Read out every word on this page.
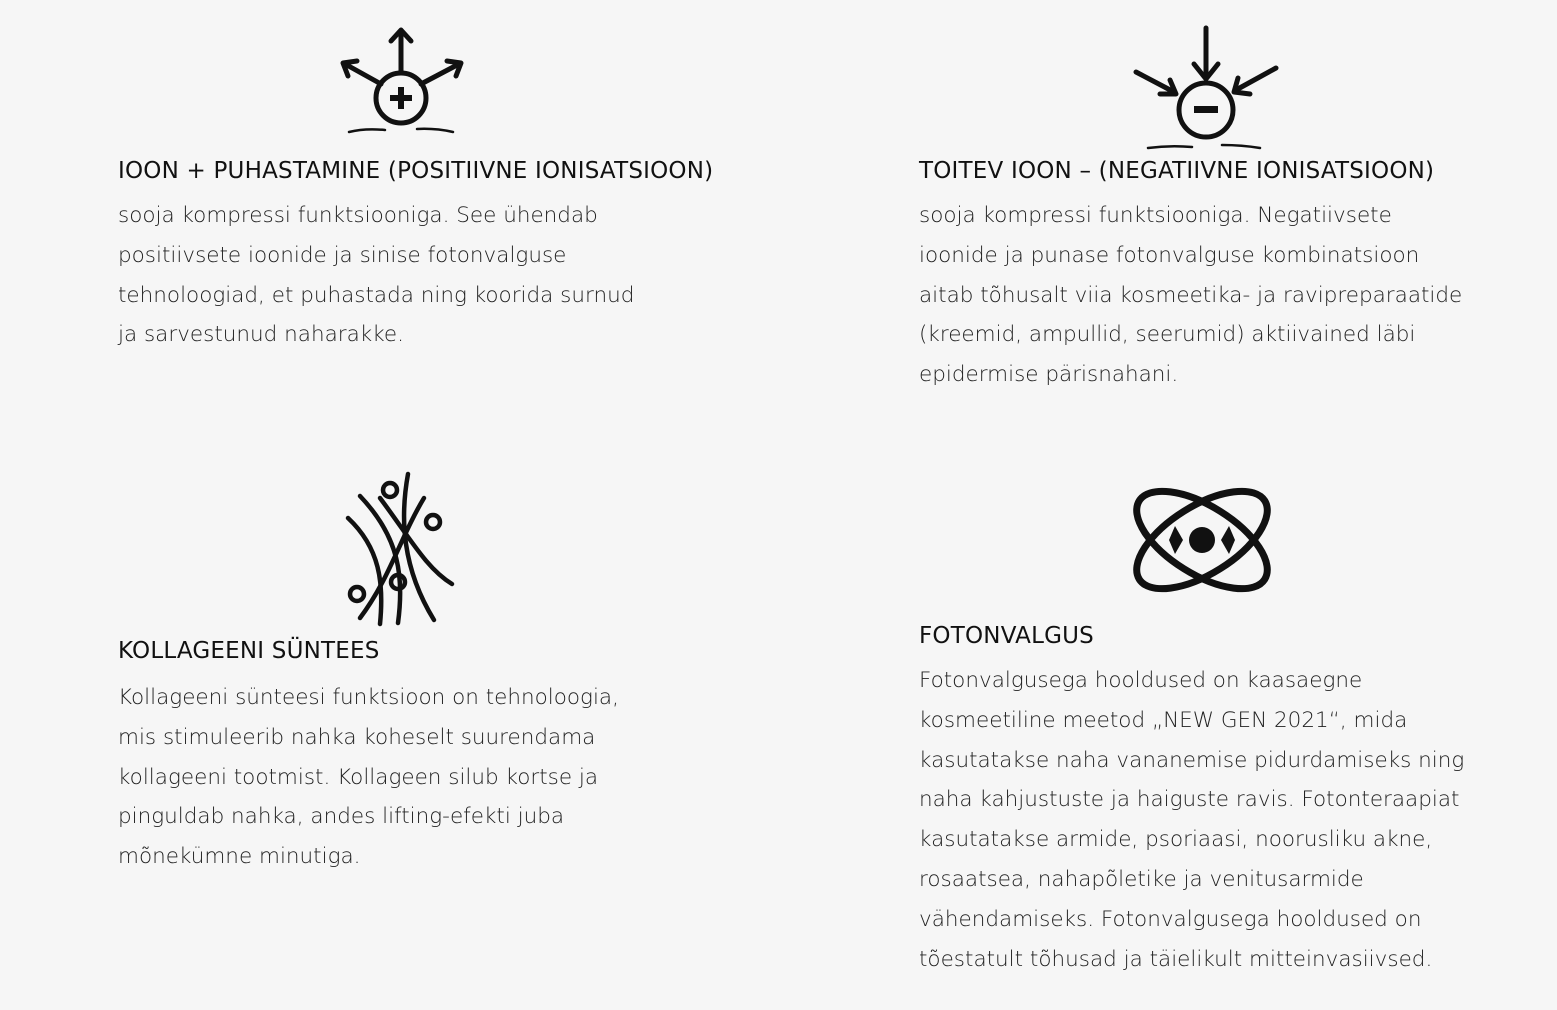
IOON + PUHASTAMINE (POSITIIVNE IONISATSIOON)
sooja kompressi funktsiooniga. See ühendab
positiivsete ioonide ja sinise fotonvalguse
tehnoloogiad, et puhastada ning koorida surnud
ja sarvestunud naharakke.
TOITEV IOON – (NEGATIIVNE IONISATSIOON)
sooja kompressi funktsiooniga. Negatiivsete
ioonide ja punase fotonvalguse kombinatsioon
aitab tõhusalt viia kosmeetika- ja ravipreparaatide
(kreemid, ampullid, seerumid) aktiivained läbi
epidermise pärisnahani.
KOLLAGEENI SÜNTEES
Kollageeni sünteesi funktsioon on tehnoloogia,
mis stimuleerib nahka koheselt suurendama
kollageeni tootmist. Kollageen silub kortse ja
pinguldab nahka, andes lifting-efekti juba
mõnekümne minutiga.
FOTONVALGUS
Fotonvalgusega hooldused on kaasaegne
kosmeetiline meetod „NEW GEN 2021“, mida
kasutatakse naha vananemise pidurdamiseks ning
naha kahjustuste ja haiguste ravis. Fotonteraapiat
kasutatakse armide, psoriaasi, noorusliku akne,
rosaatsea, nahapõletike ja venitusarmide
vähendamiseks. Fotonvalgusega hooldused on
tõestatult tõhusad ja täielikult mitteinvasiivsed.
